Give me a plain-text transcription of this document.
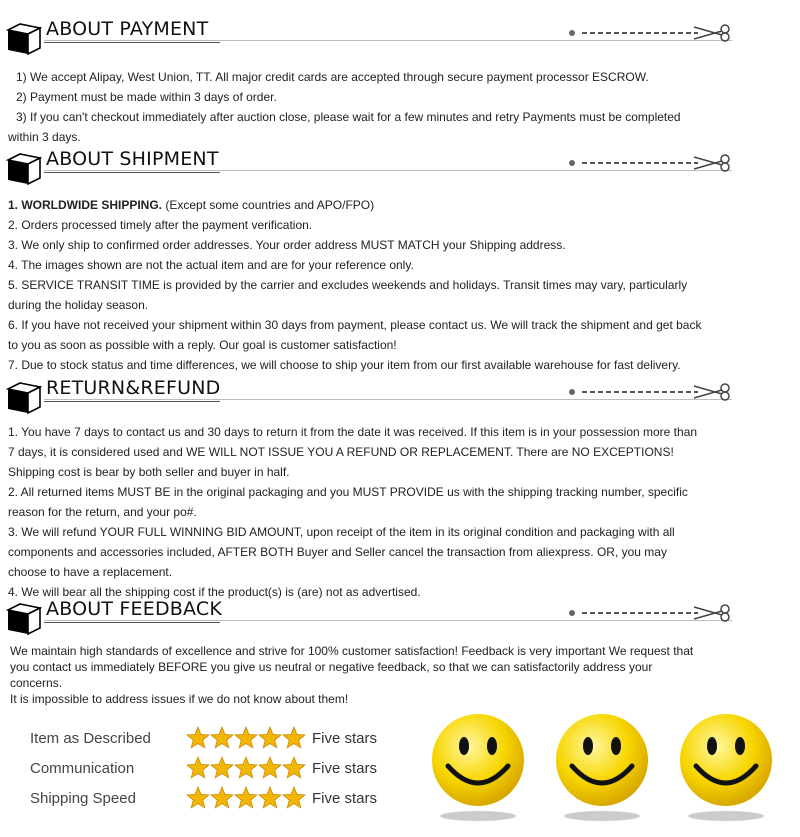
ABOUT PAYMENT

1) We accept Alipay, West Union, TT. All major credit cards are accepted through secure payment processor ESCROW.

2) Payment must be made within 3 days of order.

3) If you can't checkout immediately after auction close, please wait for a few minutes and retry Payments must be completed

within 3 days.

ABOUT SHIPMENT

1. WORLDWIDE SHIPPING. (Except some countries and APO/FPO)

2. Orders processed timely after the payment verification.

3. We only ship to confirmed order addresses. Your order address MUST MATCH your Shipping address.

4. The images shown are not the actual item and are for your reference only.

5. SERVICE TRANSIT TIME is provided by the carrier and excludes weekends and holidays. Transit times may vary, particularly

during the holiday season.

6. If you have not received your shipment within 30 days from payment, please contact us. We will track the shipment and get back

to you as soon as possible with a reply. Our goal is customer satisfaction!

7. Due to stock status and time differences, we will choose to ship your item from our first available warehouse for fast delivery.

RETURN&REFUND

1. You have 7 days to contact us and 30 days to return it from the date it was received. If this item is in your possession more than

7 days, it is considered used and WE WILL NOT ISSUE YOU A REFUND OR REPLACEMENT. There are NO EXCEPTIONS!

Shipping cost is bear by both seller and buyer in half.

2. All returned items MUST BE in the original packaging and you MUST PROVIDE us with the shipping tracking number, specific

reason for the return, and your po#.

3. We will refund YOUR FULL WINNING BID AMOUNT, upon receipt of the item in its original condition and packaging with all

components and accessories included, AFTER BOTH Buyer and Seller cancel the transaction from aliexpress. OR, you may

choose to have a replacement.

4. We will bear all the shipping cost if the product(s) is (are) not as advertised.

ABOUT FEEDBACK

We maintain high standards of excellence and strive for 100% customer satisfaction! Feedback is very important We request that

you contact us immediately BEFORE you give us neutral or negative feedback, so that we can satisfactorily address your

concerns.

It is impossible to address issues if we do not know about them!

Item as Described	Five stars
Communication	Five stars
Shipping Speed	Five stars
